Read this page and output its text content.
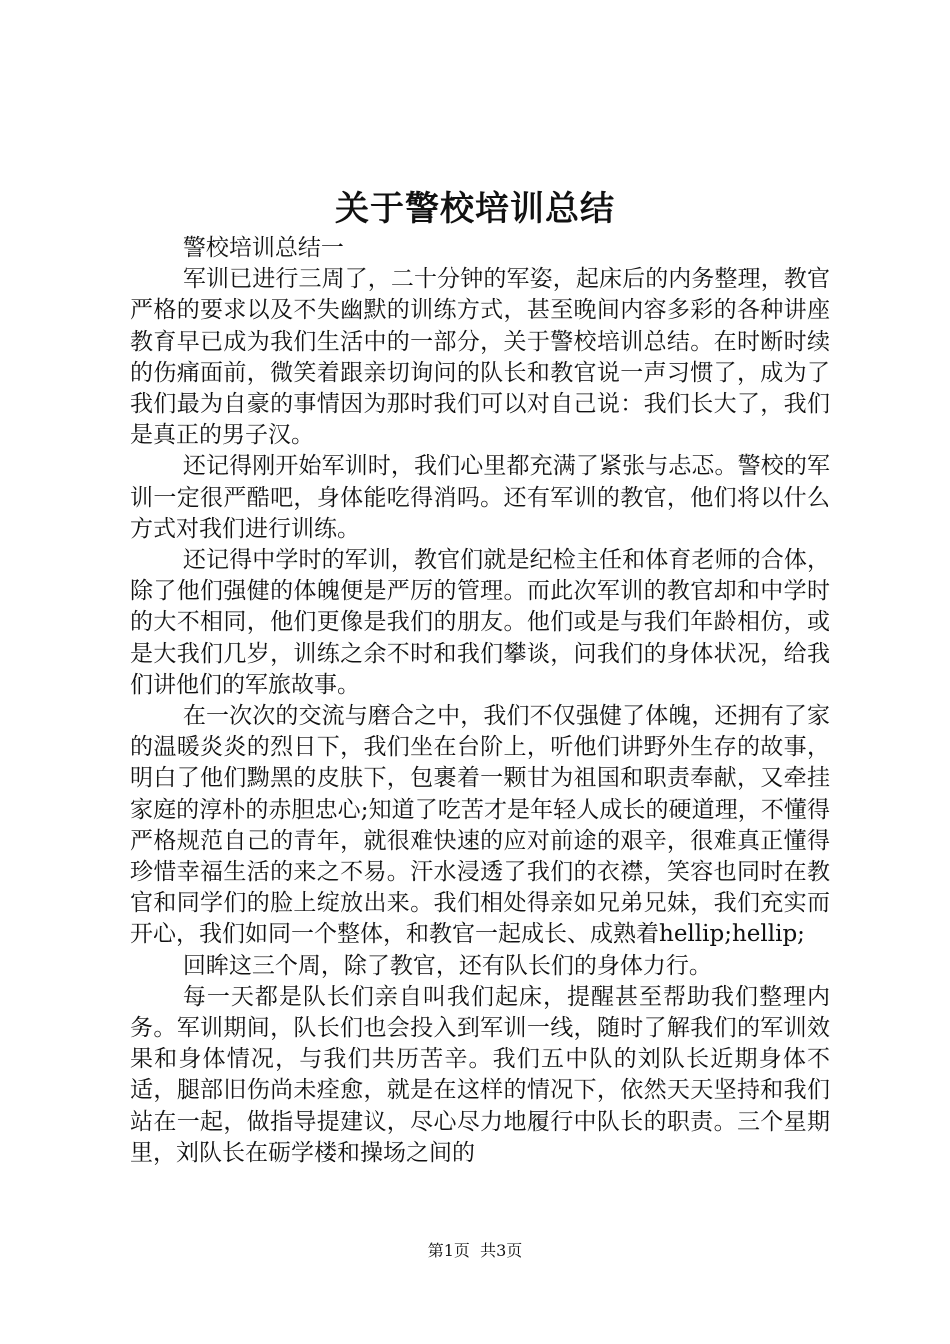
关于警校培训总结

警校培训总结一

军训已进行三周了，二十分钟的军姿，起床后的内务整理，教官严格的要求以及不失幽默的训练方式，甚至晚间内容多彩的各种讲座教育早已成为我们生活中的一部分，关于警校培训总结。在时断时续的伤痛面前，微笑着跟亲切询问的队长和教官说一声习惯了，成为了我们最为自豪的事情因为那时我们可以对自己说：我们长大了，我们是真正的男子汉。

还记得刚开始军训时，我们心里都充满了紧张与忐忑。警校的军训一定很严酷吧，身体能吃得消吗。还有军训的教官，他们将以什么方式对我们进行训练。

还记得中学时的军训，教官们就是纪检主任和体育老师的合体，除了他们强健的体魄便是严厉的管理。而此次军训的教官却和中学时的大不相同，他们更像是我们的朋友。他们或是与我们年龄相仿，或是大我们几岁，训练之余不时和我们攀谈，问我们的身体状况，给我们讲他们的军旅故事。

在一次次的交流与磨合之中，我们不仅强健了体魄，还拥有了家的温暖炎炎的烈日下，我们坐在台阶上，听他们讲野外生存的故事，明白了他们黝黑的皮肤下，包裹着一颗甘为祖国和职责奉献，又牵挂家庭的淳朴的赤胆忠心;知道了吃苦才是年轻人成长的硬道理，不懂得严格规范自己的青年，就很难快速的应对前途的艰辛，很难真正懂得珍惜幸福生活的来之不易。汗水浸透了我们的衣襟，笑容也同时在教官和同学们的脸上绽放出来。我们相处得亲如兄弟兄妹，我们充实而开心，我们如同一个整体，和教官一起成长、成熟着hellip;hellip;

回眸这三个周，除了教官，还有队长们的身体力行。

每一天都是队长们亲自叫我们起床，提醒甚至帮助我们整理内务。军训期间，队长们也会投入到军训一线，随时了解我们的军训效果和身体情况，与我们共历苦辛。我们五中队的刘队长近期身体不适，腿部旧伤尚未痊愈，就是在这样的情况下，依然天天坚持和我们站在一起，做指导提建议，尽心尽力地履行中队长的职责。三个星期里，刘队长在砺学楼和操场之间的

第1页  共3页
